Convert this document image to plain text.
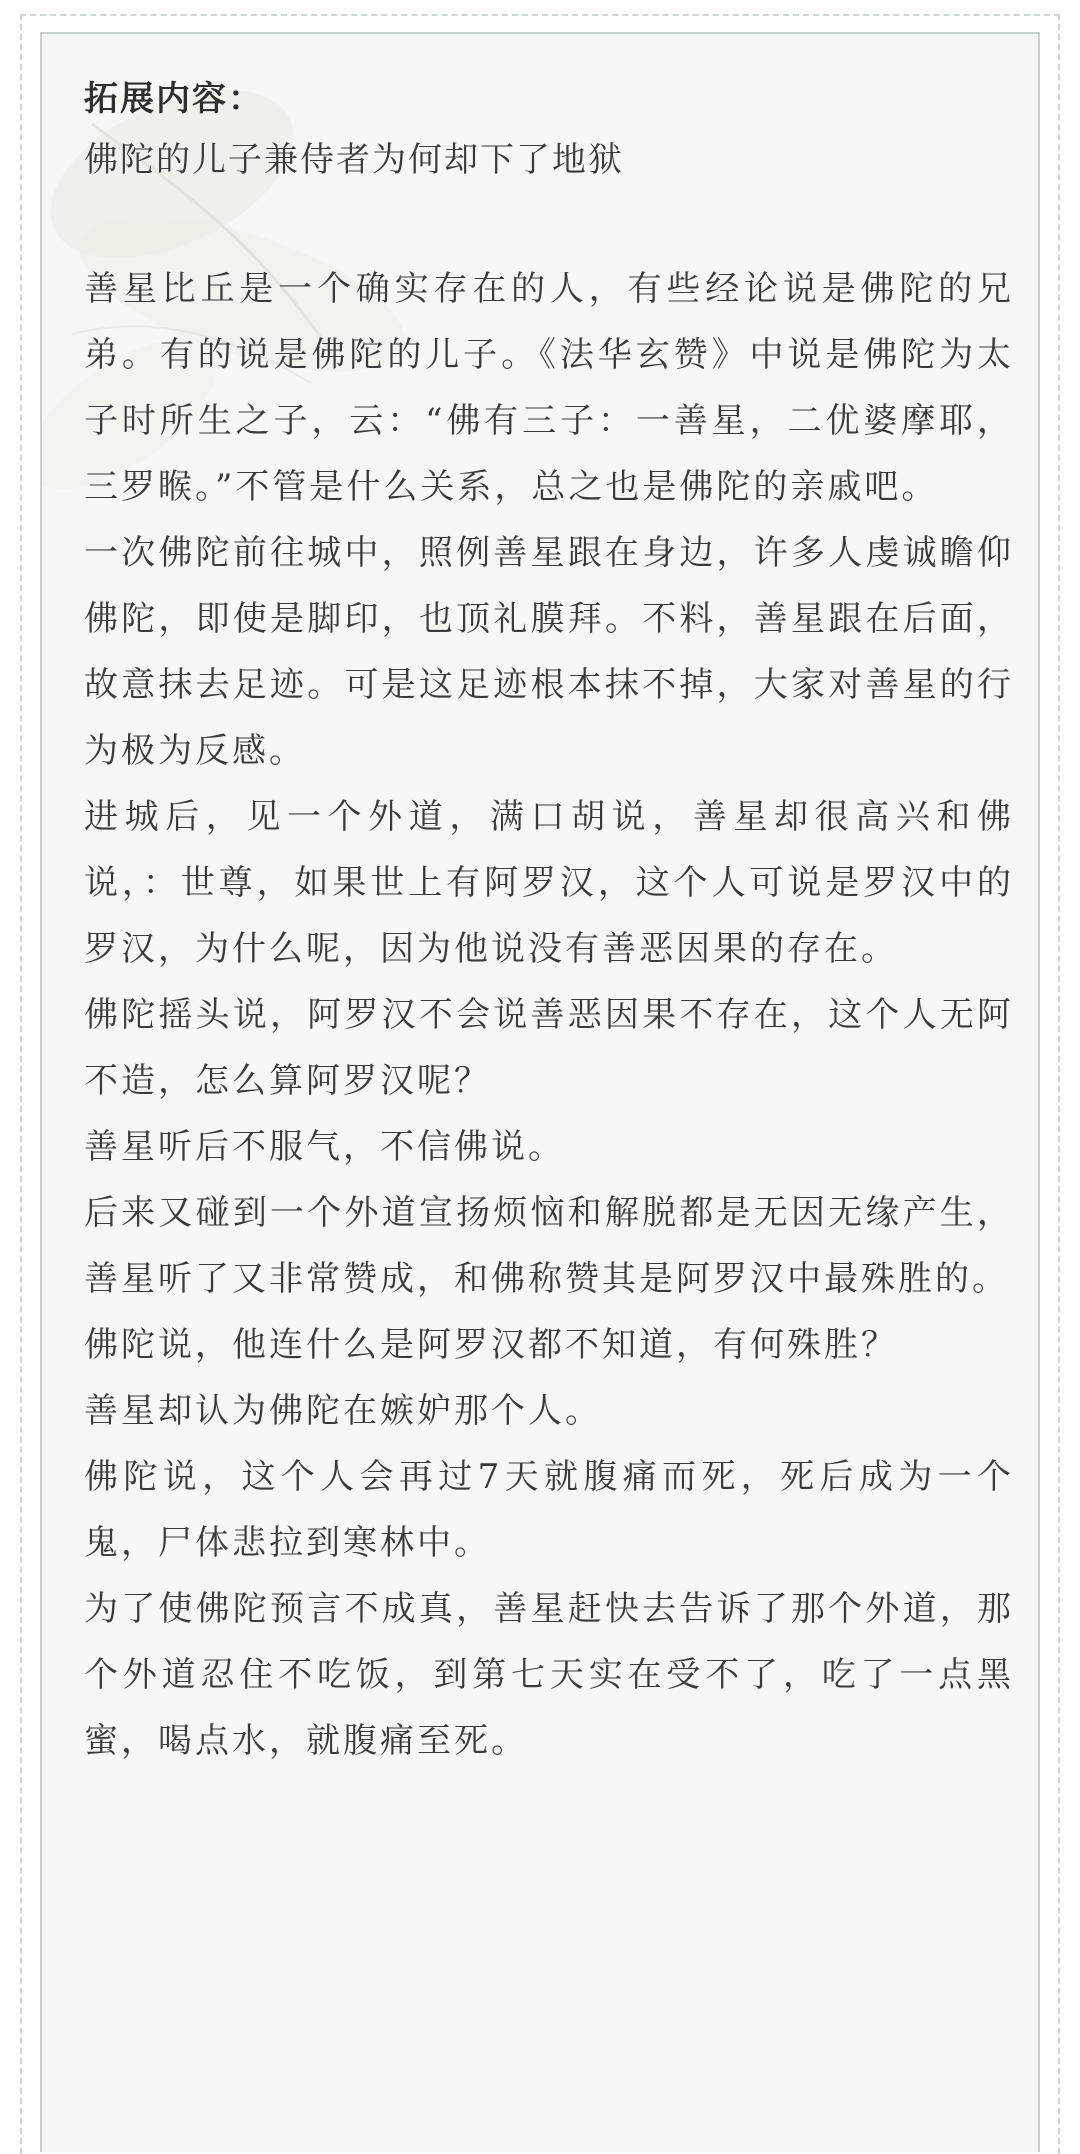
拓展内容：

佛陀的儿子兼侍者为何却下了地狱

善星比丘是一个确实存在的人，有些经论说是佛陀的兄弟。有的说是佛陀的儿子。《法华玄赞》中说是佛陀为太子时所生之子，云：“佛有三子：一善星，二优婆摩耶，三罗睺。”不管是什么关系，总之也是佛陀的亲戚吧。

一次佛陀前往城中，照例善星跟在身边，许多人虔诚瞻仰佛陀，即使是脚印，也顶礼膜拜。不料，善星跟在后面，故意抹去足迹。可是这足迹根本抹不掉，大家对善星的行为极为反感。

进城后，见一个外道，满口胡说，善星却很高兴和佛说，：世尊，如果世上有阿罗汉，这个人可说是罗汉中的罗汉，为什么呢，因为他说没有善恶因果的存在。

佛陀摇头说，阿罗汉不会说善恶因果不存在，这个人无阿不造，怎么算阿罗汉呢？

善星听后不服气，不信佛说。

后来又碰到一个外道宣扬烦恼和解脱都是无因无缘产生，善星听了又非常赞成，和佛称赞其是阿罗汉中最殊胜的。

佛陀说，他连什么是阿罗汉都不知道，有何殊胜？

善星却认为佛陀在嫉妒那个人。

佛陀说，这个人会再过7天就腹痛而死，死后成为一个鬼，尸体悲拉到寒林中。

为了使佛陀预言不成真，善星赶快去告诉了那个外道，那个外道忍住不吃饭，到第七天实在受不了，吃了一点黑蜜，喝点水，就腹痛至死。
